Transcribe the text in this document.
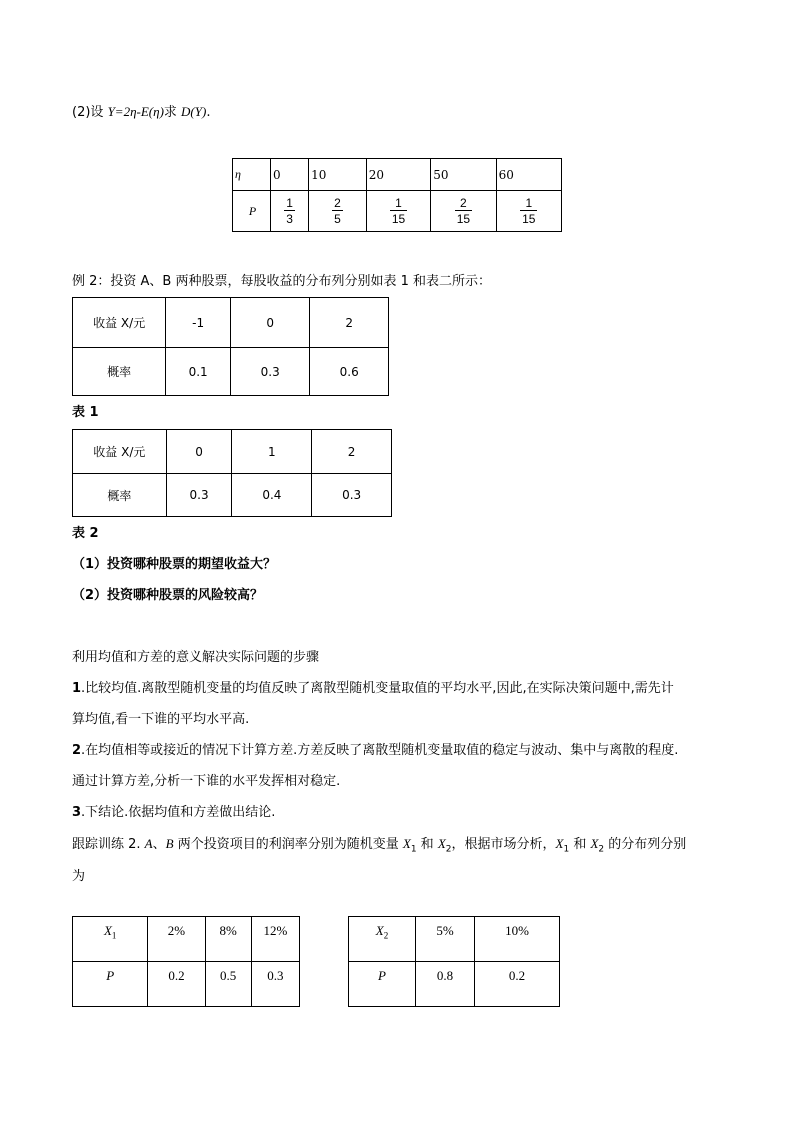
(2)设 Y=2η-E(η)求 D(Y).
η	0	10	20	50	60
P	$\frac{1}{3}$	$\frac{2}{5}$	$\frac{1}{15}$	$\frac{2}{15}$	$\frac{1}{15}$
例 2：投资 A、B 两种股票，每股收益的分布列分别如表 1 和表二所示：
收益 X/元	-1	0	2
概率	0.1	0.3	0.6
表 1
收益 X/元	0	1	2
概率	0.3	0.4	0.3
表 2
（1）投资哪种股票的期望收益大？
（2）投资哪种股票的风险较高？
利用均值和方差的意义解决实际问题的步骤
1.比较均值.离散型随机变量的均值反映了离散型随机变量取值的平均水平,因此,在实际决策问题中,需先计
算均值,看一下谁的平均水平高.
2.在均值相等或接近的情况下计算方差.方差反映了离散型随机变量取值的稳定与波动、集中与离散的程度.
通过计算方差,分析一下谁的水平发挥相对稳定.
3.下结论.依据均值和方差做出结论.
跟踪训练 2. A、B 两个投资项目的利润率分别为随机变量 $X_1$ 和 $X_2$，根据市场分析，$X_1$ 和 $X_2$ 的分布列分别
为
$X_1$	2%	8%	12%
P	0.2	0.5	0.3
$X_2$	5%	10%
P	0.8	0.2
